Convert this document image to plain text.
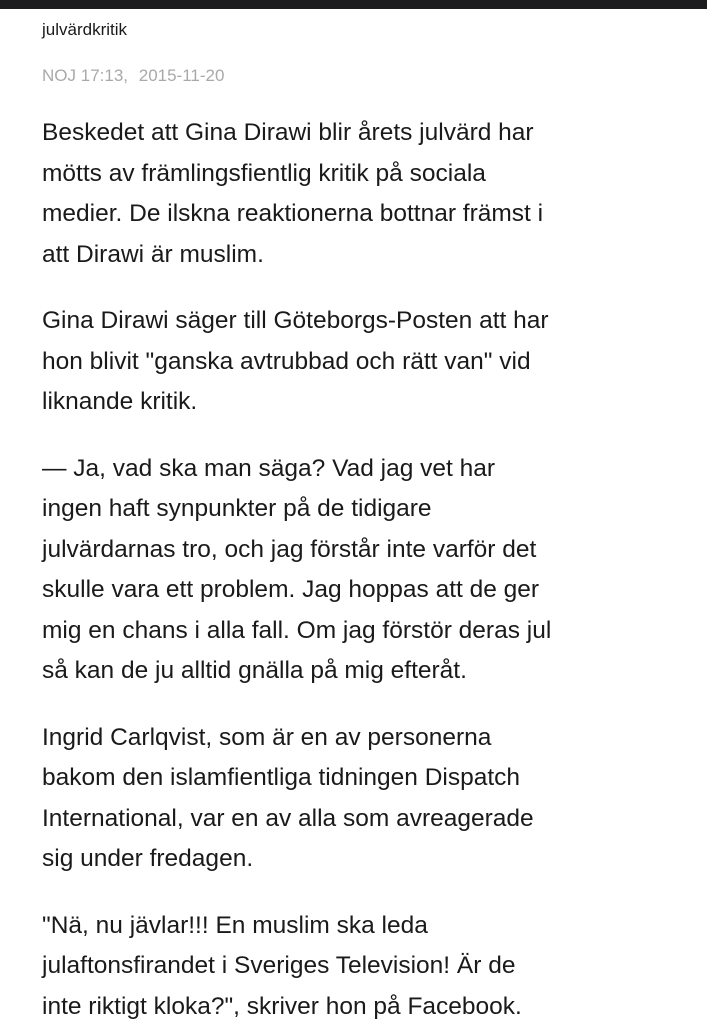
julvärdkritik
NOJ 17:13, 2015-11-20

Beskedet att Gina Dirawi blir årets julvärd har
mötts av främlingsfientlig kritik på sociala
medier. De ilskna reaktionerna bottnar främst i
att Dirawi är muslim.

Gina Dirawi säger till Göteborgs-Posten att har
hon blivit "ganska avtrubbad och rätt van" vid
liknande kritik.

— Ja, vad ska man säga? Vad jag vet har
ingen haft synpunkter på de tidigare
julvärdarnas tro, och jag förstår inte varför det
skulle vara ett problem. Jag hoppas att de ger
mig en chans i alla fall. Om jag förstör deras jul
så kan de ju alltid gnälla på mig efteråt.

Ingrid Carlqvist, som är en av personerna
bakom den islamfientliga tidningen Dispatch
International, var en av alla som avreagerade
sig under fredagen.

"Nä, nu jävlar!!! En muslim ska leda
julaftonsfirandet i Sveriges Television! Är de
inte riktigt kloka?", skriver hon på Facebook.
